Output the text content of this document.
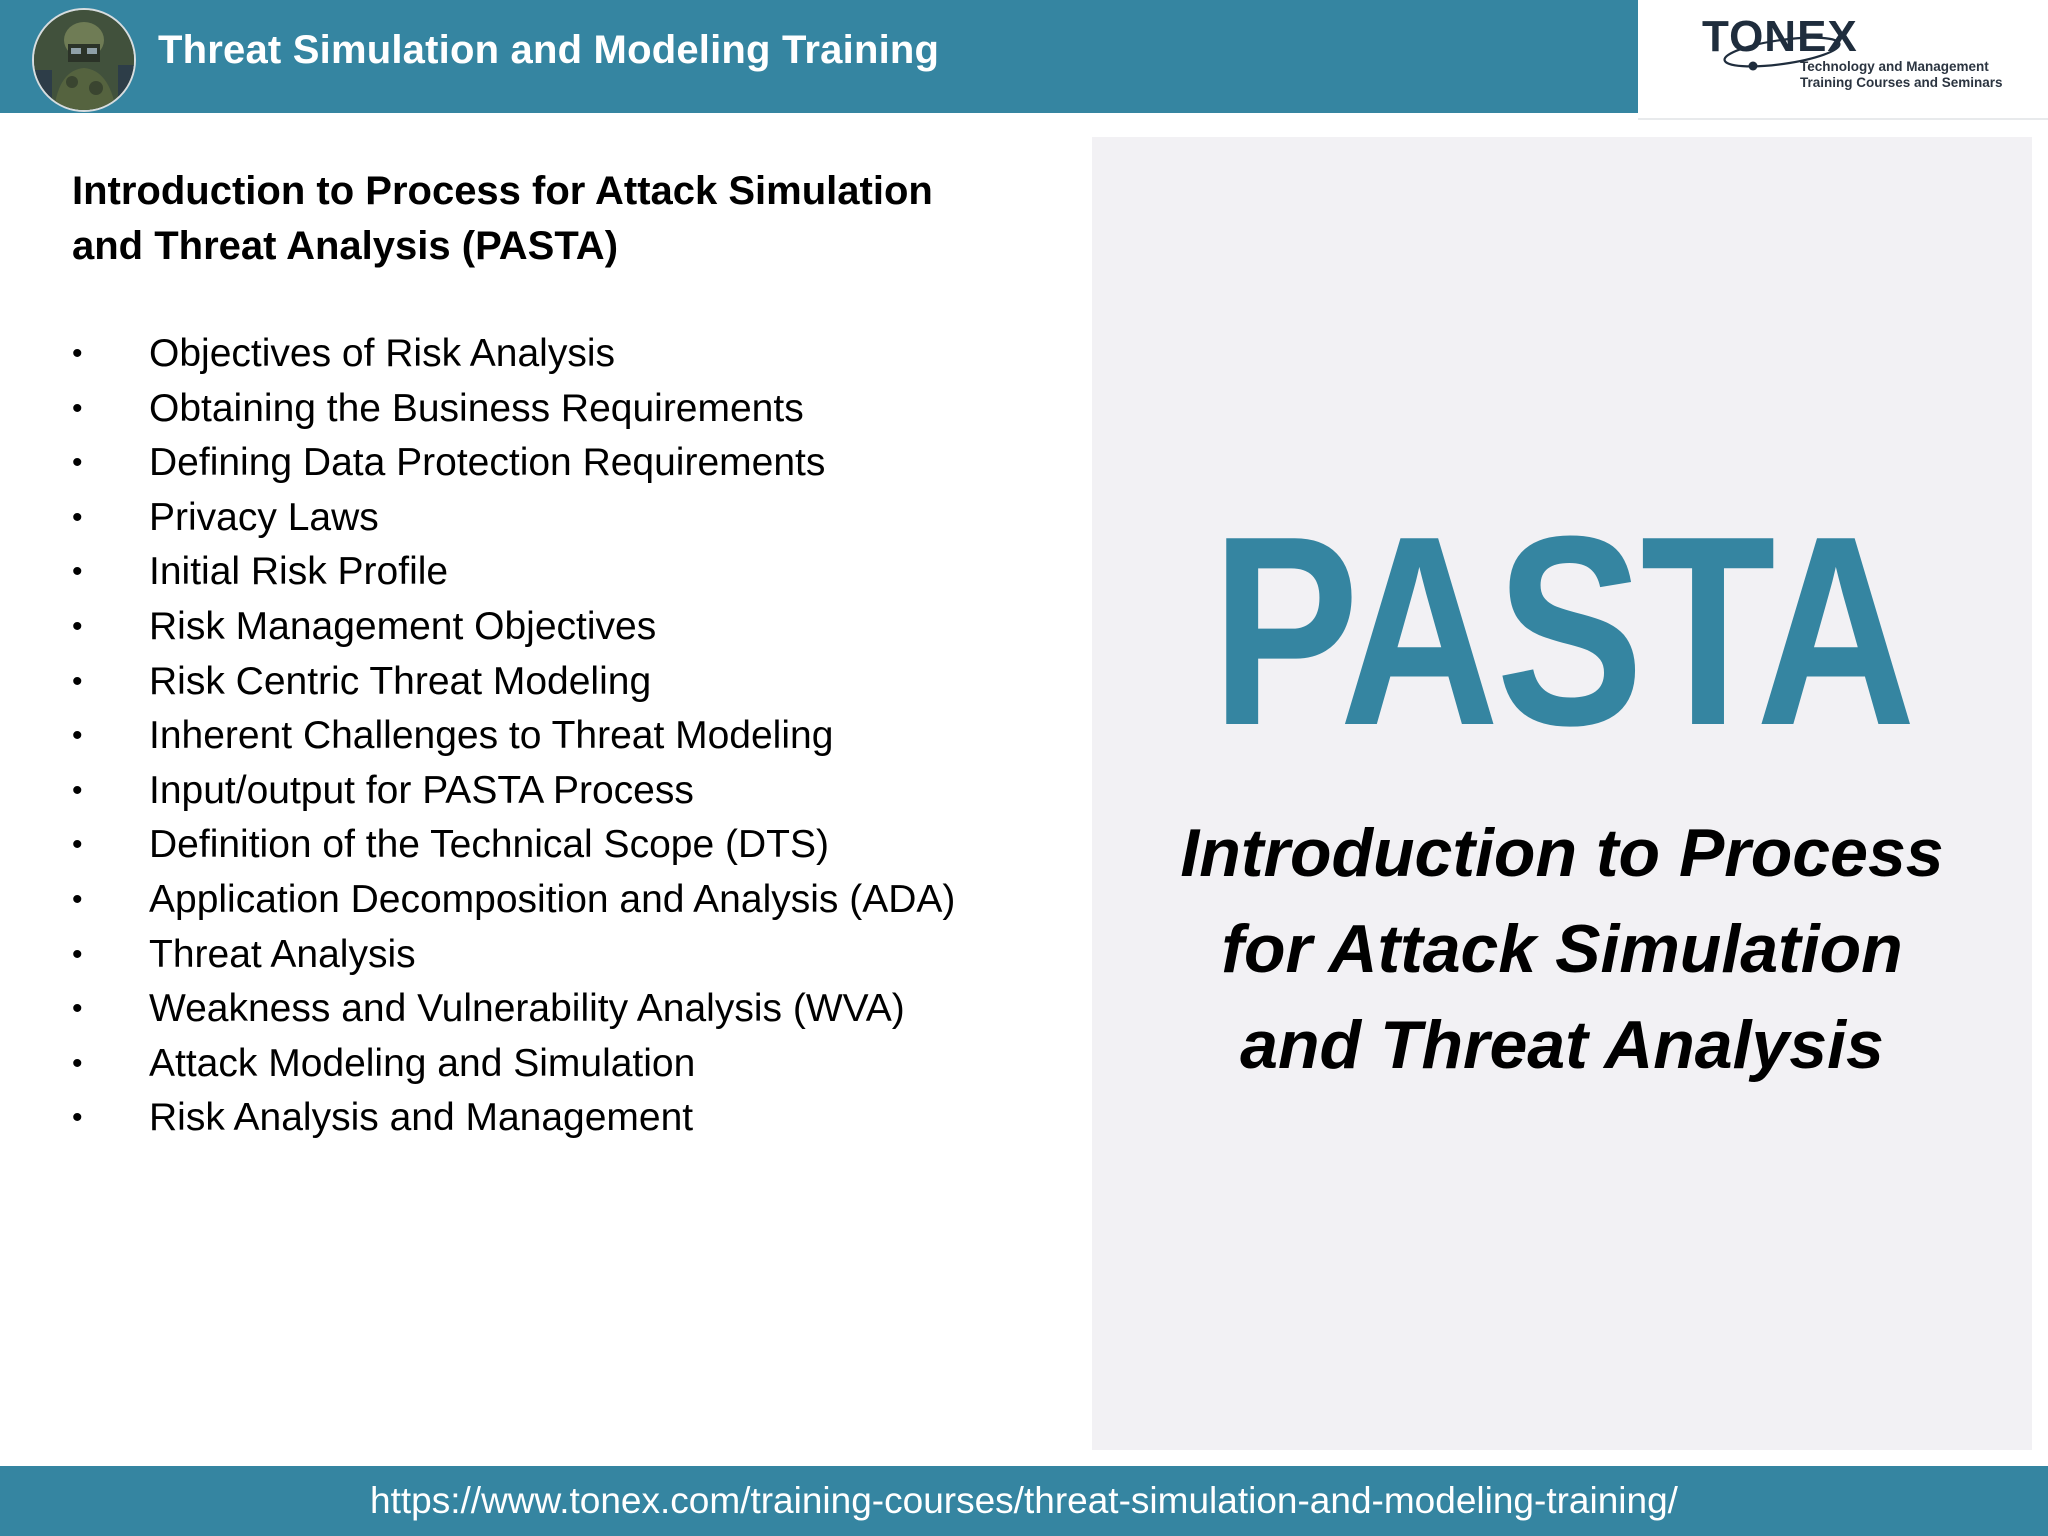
Threat Simulation and Modeling Training	TONEX
Technology and Management
Training Courses and Seminars
Introduction to Process for Attack Simulation
and Threat Analysis (PASTA)
• Objectives of Risk Analysis
• Obtaining the Business Requirements
• Defining Data Protection Requirements
• Privacy Laws
• Initial Risk Profile
• Risk Management Objectives
• Risk Centric Threat Modeling
• Inherent Challenges to Threat Modeling
• Input/output for PASTA Process
• Definition of the Technical Scope (DTS)
• Application Decomposition and Analysis (ADA)
• Threat Analysis
• Weakness and Vulnerability Analysis (WVA)
• Attack Modeling and Simulation
• Risk Analysis and Management
PASTA
Introduction to Process
for Attack Simulation
and Threat Analysis
https://www.tonex.com/training-courses/threat-simulation-and-modeling-training/
